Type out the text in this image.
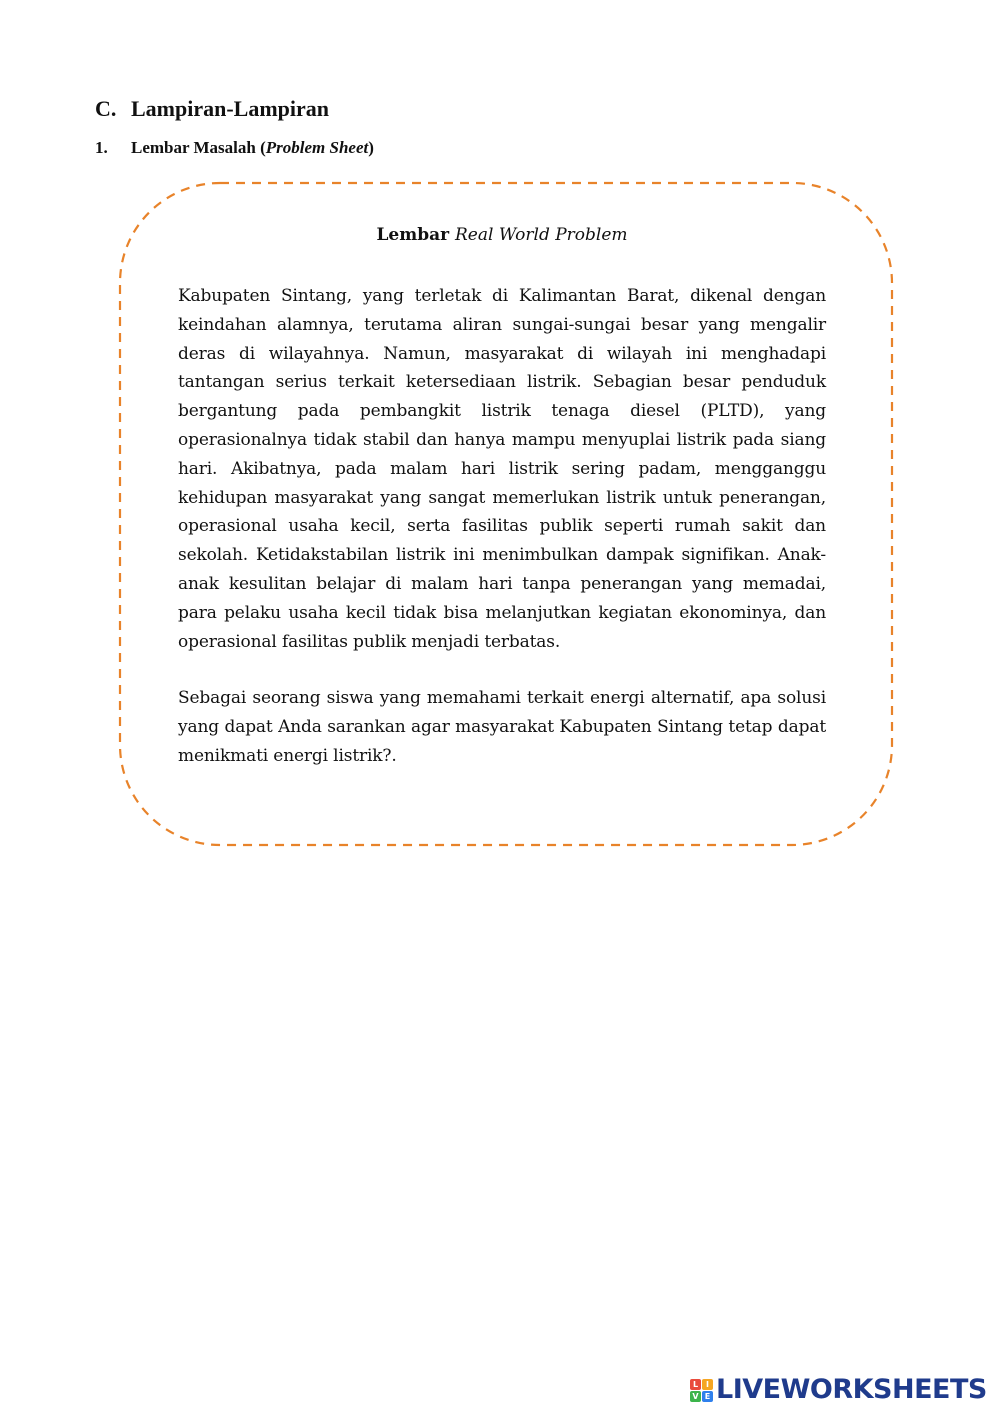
C. Lampiran-Lampiran
1. Lembar Masalah (Problem Sheet)

Lembar Real World Problem

Kabupaten Sintang, yang terletak di Kalimantan Barat, dikenal dengan keindahan alamnya, terutama aliran sungai-sungai besar yang mengalir deras di wilayahnya. Namun, masyarakat di wilayah ini menghadapi tantangan serius terkait ketersediaan listrik. Sebagian besar penduduk bergantung pada pembangkit listrik tenaga diesel (PLTD), yang operasionalnya tidak stabil dan hanya mampu menyuplai listrik pada siang hari. Akibatnya, pada malam hari listrik sering padam, mengganggu kehidupan masyarakat yang sangat memerlukan listrik untuk penerangan, operasional usaha kecil, serta fasilitas publik seperti rumah sakit dan sekolah. Ketidakstabilan listrik ini menimbulkan dampak signifikan. Anak-anak kesulitan belajar di malam hari tanpa penerangan yang memadai, para pelaku usaha kecil tidak bisa melanjutkan kegiatan ekonominya, dan operasional fasilitas publik menjadi terbatas.

Sebagai seorang siswa yang memahami terkait energi alternatif, apa solusi yang dapat Anda sarankan agar masyarakat Kabupaten Sintang tetap dapat menikmati energi listrik?.

L I
V E LIVEWORKSHEETS
